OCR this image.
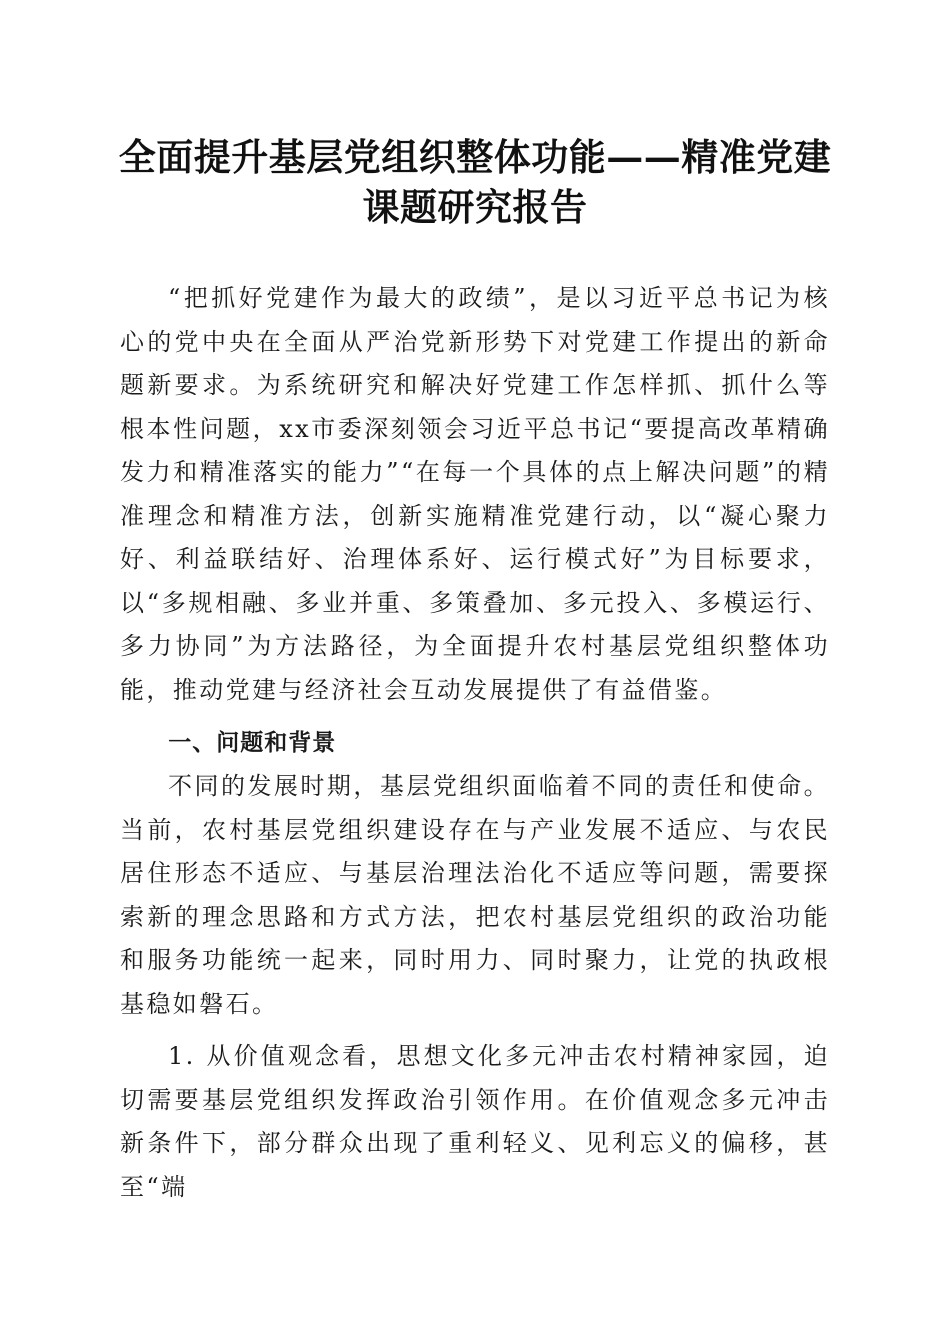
全面提升基层党组织整体功能——精准党建课题研究报告

“把抓好党建作为最大的政绩”，是以习近平总书记为核心的党中央在全面从严治党新形势下对党建工作提出的新命题新要求。为系统研究和解决好党建工作怎样抓、抓什么等根本性问题，xx市委深刻领会习近平总书记“要提高改革精确发力和精准落实的能力”“在每一个具体的点上解决问题”的精准理念和精准方法，创新实施精准党建行动，以“凝心聚力好、利益联结好、治理体系好、运行模式好”为目标要求，以“多规相融、多业并重、多策叠加、多元投入、多模运行、多力协同”为方法路径，为全面提升农村基层党组织整体功能，推动党建与经济社会互动发展提供了有益借鉴。

一、问题和背景

不同的发展时期，基层党组织面临着不同的责任和使命。当前，农村基层党组织建设存在与产业发展不适应、与农民居住形态不适应、与基层治理法治化不适应等问题，需要探索新的理念思路和方式方法，把农村基层党组织的政治功能和服务功能统一起来，同时用力、同时聚力，让党的执政根基稳如磐石。

1. 从价值观念看，思想文化多元冲击农村精神家园，迫切需要基层党组织发挥政治引领作用。在价值观念多元冲击新条件下，部分群众出现了重利轻义、见利忘义的偏移，甚至“端
